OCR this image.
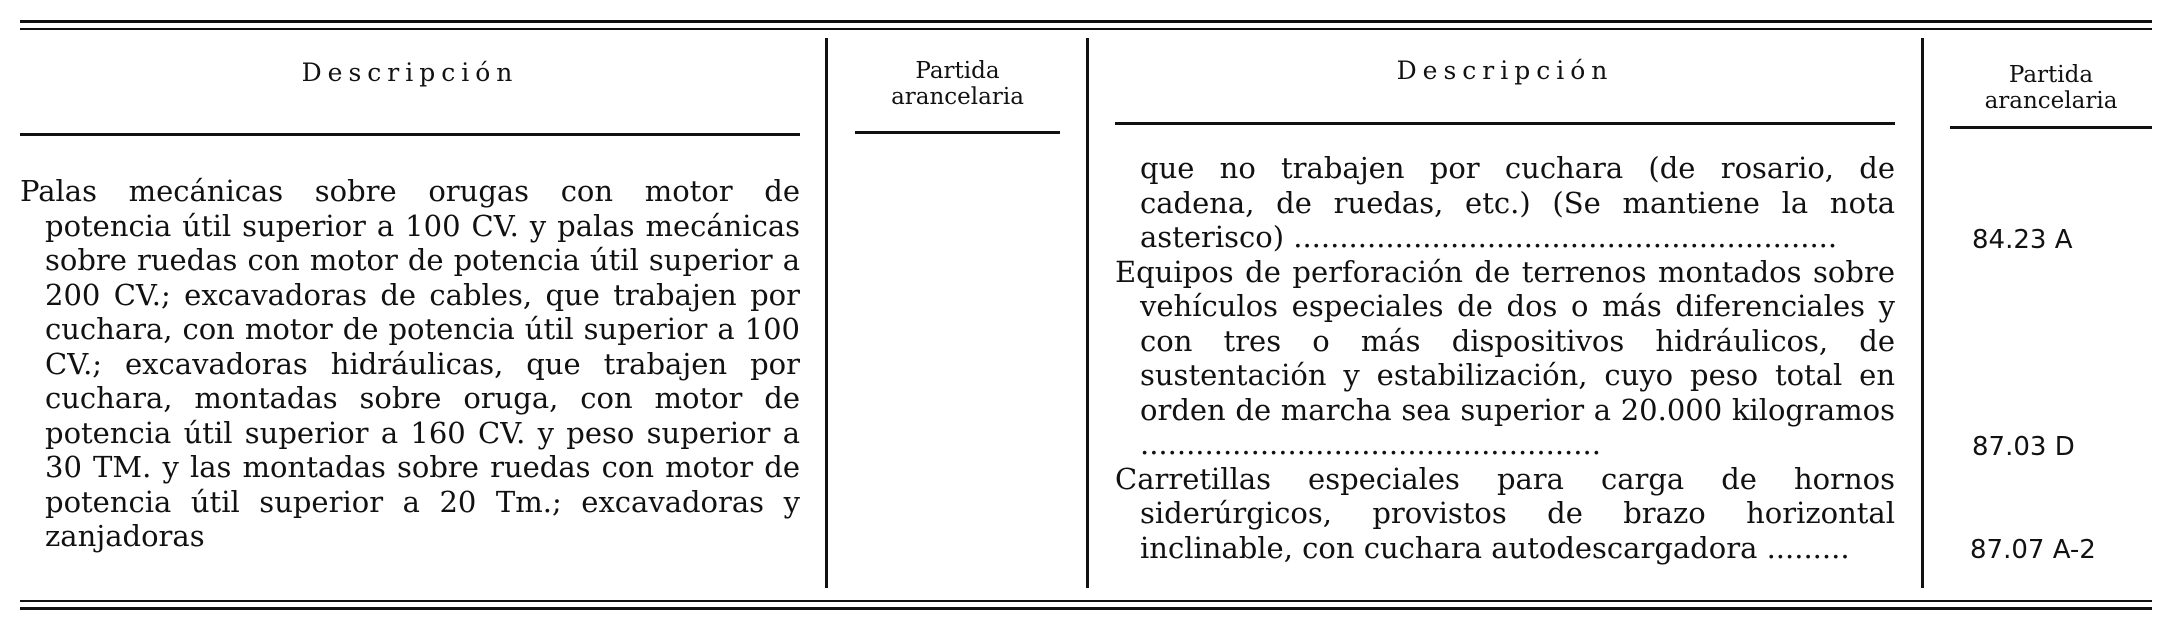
Descripción	Partida
arancelaria
Descripción	Partida
arancelaria

Palas mecánicas sobre orugas con motor de potencia útil superior a 100 CV. y palas mecánicas sobre ruedas con motor de potencia útil superior a 200 CV.; excavadoras de cables, que trabajen por cuchara, con motor de potencia útil superior a 100 CV.; excavadoras hidráulicas, que trabajen por cuchara, montadas sobre oruga, con motor de potencia útil superior a 160 CV. y peso superior a 30 TM. y las montadas sobre ruedas con motor de potencia útil superior a 20 Tm.; excavadoras y zanjadoras

que no trabajen por cuchara (de rosario, de cadena, de ruedas, etc.) (Se mantiene la nota asterisco) ...........................................................
Equipos de perforación de terrenos montados sobre vehículos especiales de dos o más diferenciales y con tres o más dispositivos hidráulicos, de sustentación y estabilización, cuyo peso total en orden de marcha sea superior a 20.000 kilogramos ..................................................
Carretillas especiales para carga de hornos siderúrgicos, provistos de brazo horizontal inclinable, con cuchara autodescargadora .........
84.23 A
87.03 D
87.07 A-2
